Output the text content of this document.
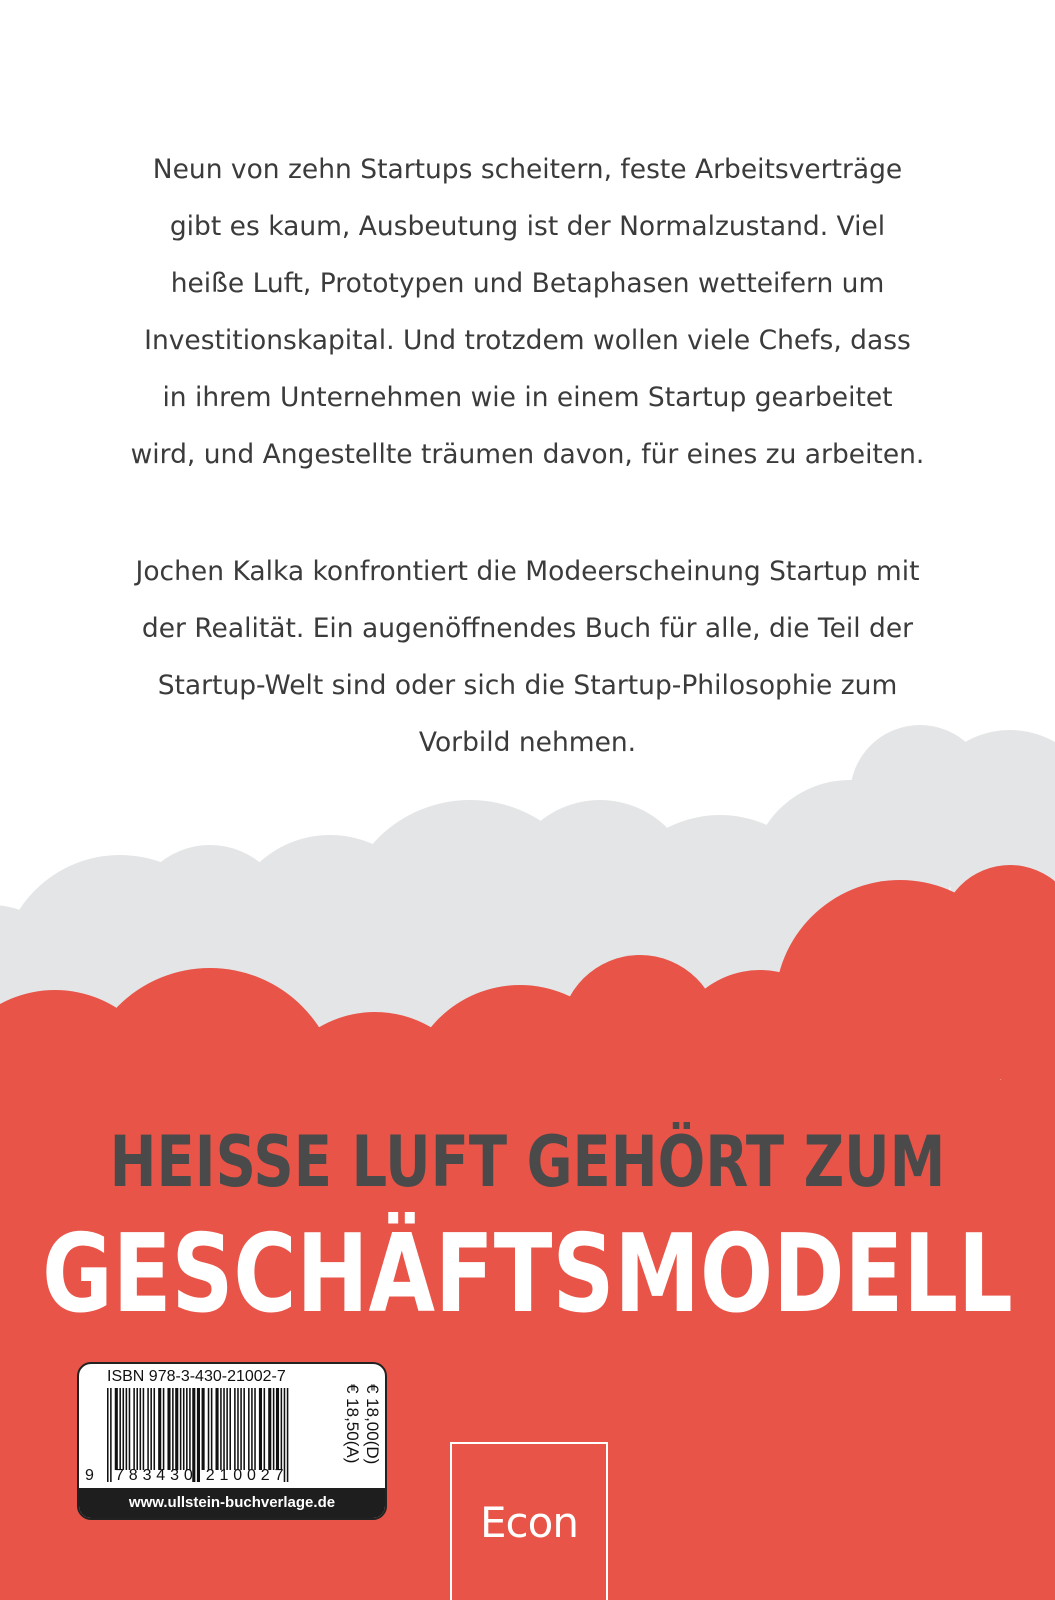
Neun von zehn Startups scheitern, feste Arbeitsverträge gibt es kaum, Ausbeutung ist der Normalzustand. Viel heiße Luft, Prototypen und Betaphasen wetteifern um Investitionskapital. Und trotzdem wollen viele Chefs, dass in ihrem Unternehmen wie in einem Startup gearbeitet wird, und Angestellte träumen davon, für eines zu arbeiten.

Jochen Kalka konfrontiert die Modeerscheinung Startup mit der Realität. Ein augenöffnendes Buch für alle, die Teil der Startup-Welt sind oder sich die Startup-Philosophie zum Vorbild nehmen.

HEISSE LUFT GEHÖRT ZUM
GESCHÄFTSMODELL
9 7 8 3 4 3 0 2 1 0 0 2 7
ISBN 978-3-430-21002-7
€ 18,00(D)
€ 18,50(A)
www.ullstein-buchverlage.de	Econ
